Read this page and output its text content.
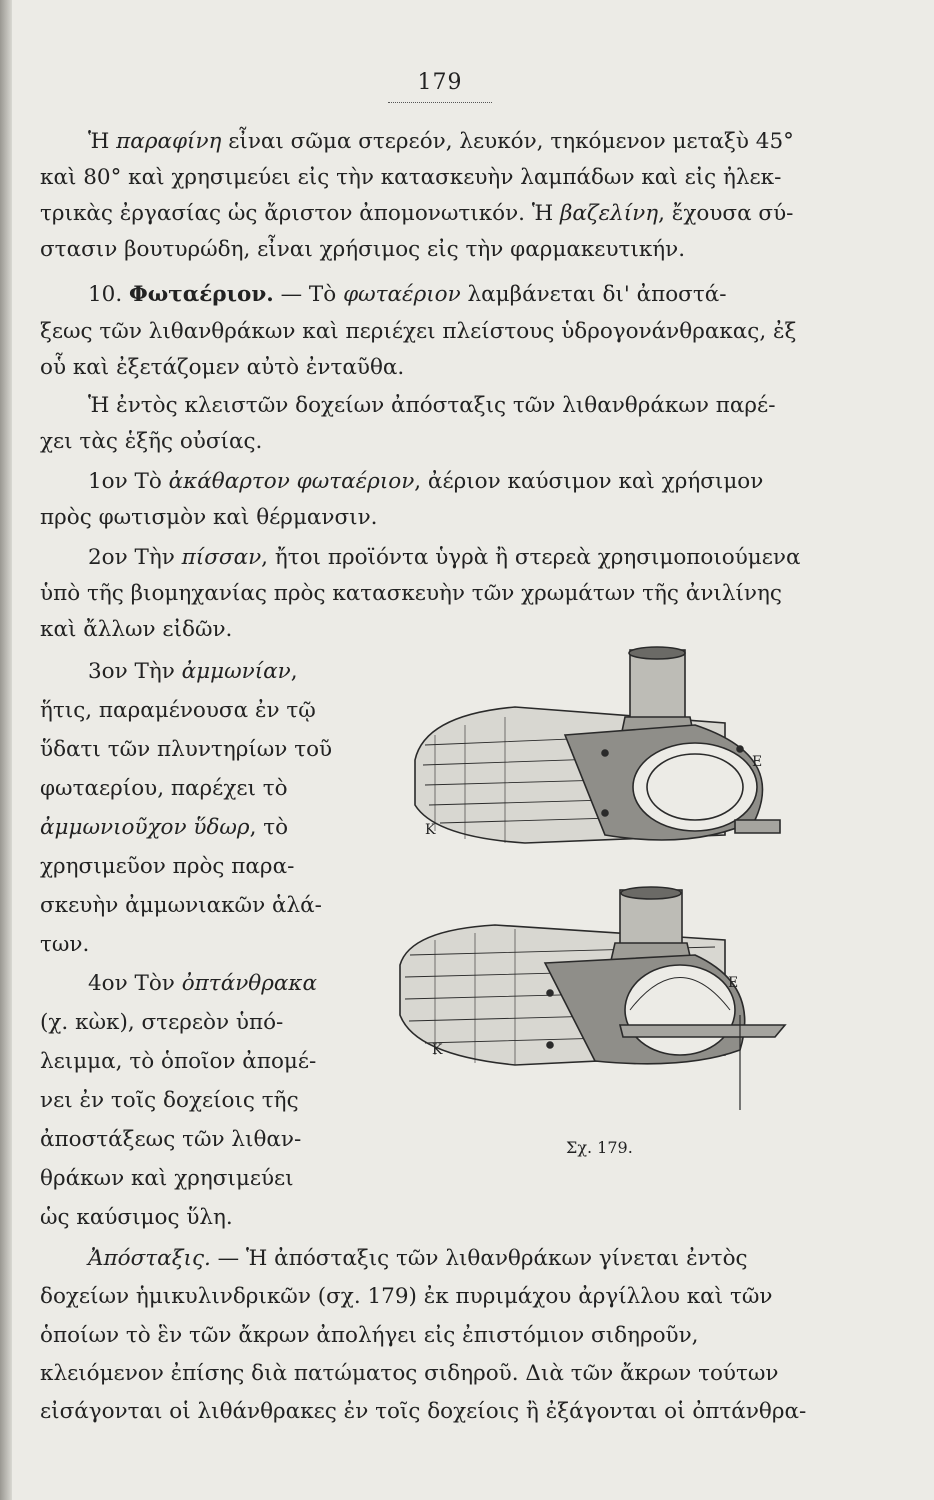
179
Ἡ παραφίνη εἶναι σῶμα στερεόν, λευκόν, τηκόμενον μεταξὺ 45°
καὶ 80° καὶ χρησιμεύει εἰς τὴν κατασκευὴν λαμπάδων καὶ εἰς ἠλεκ-
τρικὰς ἐργασίας ὡς ἄριστον ἀπομονωτικόν. Ἡ βαζελίνη, ἔχουσα σύ-
στασιν βουτυρώδη, εἶναι χρήσιμος εἰς τὴν φαρμακευτικήν.
10. Φωταέριον. — Τὸ φωταέριον λαμβάνεται δι' ἀποστά-
ξεως τῶν λιθανθράκων καὶ περιέχει πλείστους ὑδρογονάνθρακας, ἐξ
οὗ καὶ ἐξετάζομεν αὐτὸ ἐνταῦθα.
Ἡ ἐντὸς κλειστῶν δοχείων ἀπόσταξις τῶν λιθανθράκων παρέ-
χει τὰς ἑξῆς οὐσίας.
1ον Τὸ ἀκάθαρτον φωταέριον, ἀέριον καύσιμον καὶ χρήσιμον
πρὸς φωτισμὸν καὶ θέρμανσιν.
2ον Τὴν πίσσαν, ἤτοι προϊόντα ὑγρὰ ἢ στερεὰ χρησιμοποιούμενα
ὑπὸ τῆς βιομηχανίας πρὸς κατασκευὴν τῶν χρωμάτων τῆς ἀνιλίνης
καὶ ἄλλων εἰδῶν.
3ον Τὴν ἀμμωνίαν,
ἥτις, παραμένουσα ἐν τῷ
ὕδατι τῶν πλυντηρίων τοῦ
φωταερίου, παρέχει τὸ
ἀμμωνιοῦχον ὕδωρ, τὸ
χρησιμεῦον πρὸς παρα-
σκευὴν ἀμμωνιακῶν ἁλά-
των.
4ον Τὸν ὀπτάνθρακα
(χ. κὼκ), στερεὸν ὑπό-
λειμμα, τὸ ὁποῖον ἀπομέ-
νει ἐν τοῖς δοχείοις τῆς
ἀποστάξεως τῶν λιθαν-
θράκων καὶ χρησιμεύει
ὡς καύσιμος ὕλη.
Ἀπόσταξις. — Ἡ ἀπόσταξις τῶν λιθανθράκων γίνεται ἐντὸς
δοχείων ἡμικυλινδρικῶν (σχ. 179) ἐκ πυριμάχου ἀργίλλου καὶ τῶν
ὁποίων τὸ ἓν τῶν ἄκρων ἀπολήγει εἰς ἐπιστόμιον σιδηροῦν,
κλειόμενον ἐπίσης διὰ πατώματος σιδηροῦ. Διὰ τῶν ἄκρων τούτων
εἰσάγονται οἱ λιθάνθρακες ἐν τοῖς δοχείοις ἢ ἐξάγονται οἱ ὀπτάνθρα-
Ε
Κ
Ε
Κ
Σχ. 179.
